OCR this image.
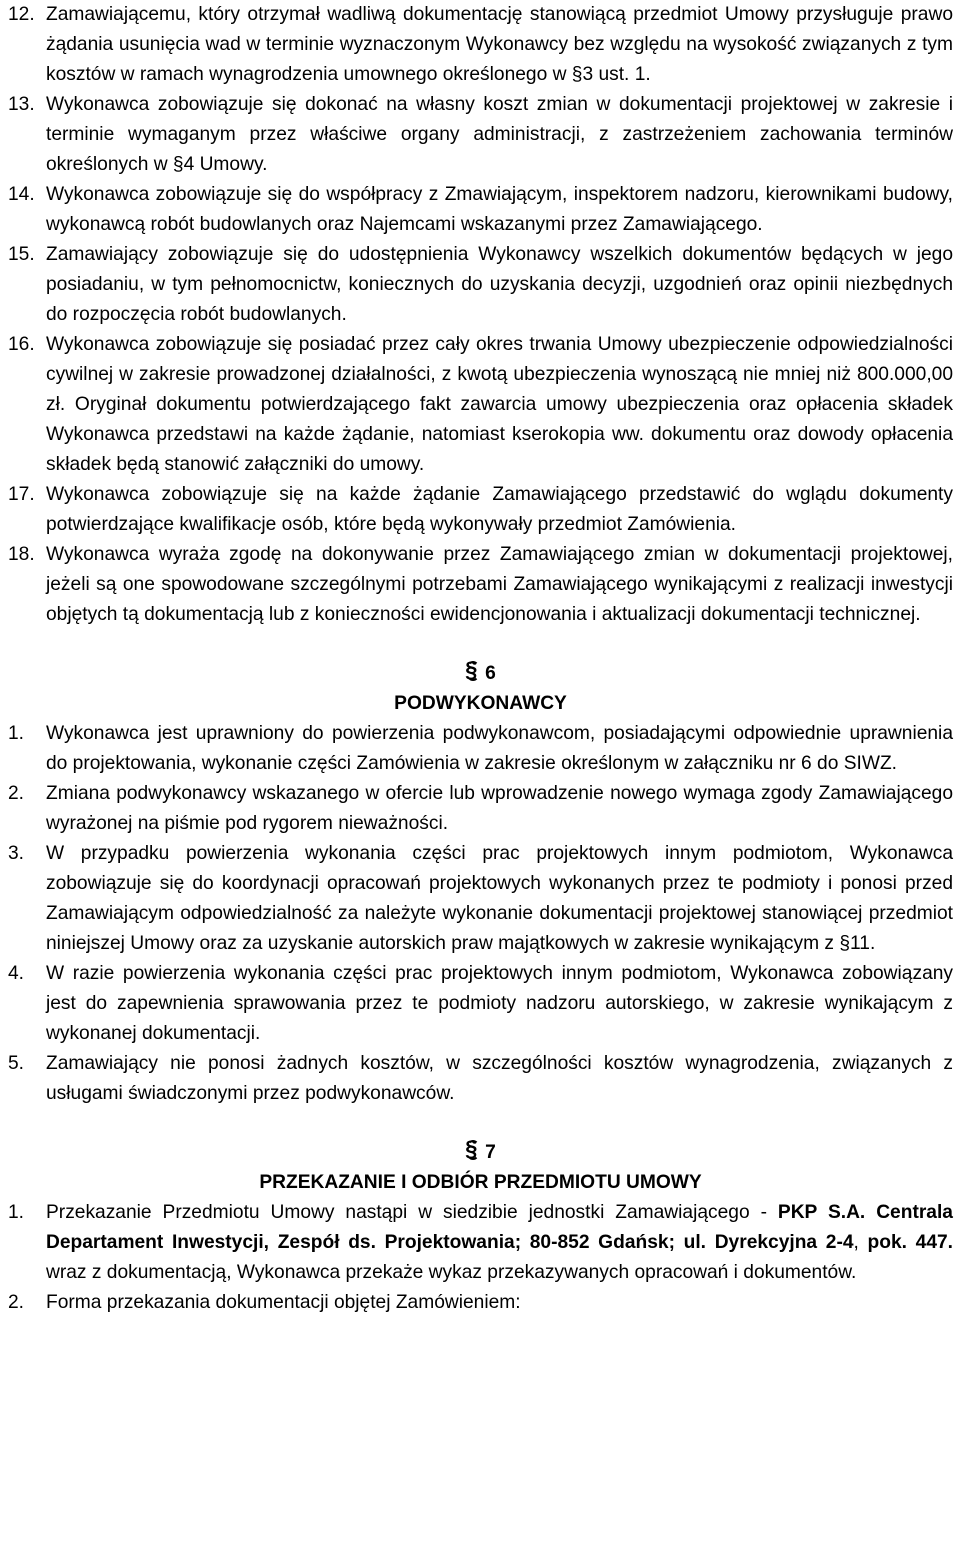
12. Zamawiającemu, który otrzymał wadliwą dokumentację stanowiącą przedmiot Umowy przysługuje prawo żądania usunięcia wad w terminie wyznaczonym Wykonawcy bez względu na wysokość związanych z tym kosztów w ramach wynagrodzenia umownego określonego w §3 ust. 1.
13. Wykonawca zobowiązuje się dokonać na własny koszt zmian w dokumentacji projektowej w zakresie i terminie wymaganym przez właściwe organy administracji, z zastrzeżeniem zachowania terminów określonych w §4 Umowy.
14. Wykonawca zobowiązuje się do współpracy z Zmawiającym, inspektorem nadzoru, kierownikami budowy, wykonawcą robót budowlanych oraz Najemcami wskazanymi przez Zamawiającego.
15. Zamawiający zobowiązuje się do udostępnienia Wykonawcy wszelkich dokumentów będących w jego posiadaniu, w tym pełnomocnictw, koniecznych do uzyskania decyzji, uzgodnień oraz opinii niezbędnych do rozpoczęcia robót budowlanych.
16. Wykonawca zobowiązuje się posiadać przez cały okres trwania Umowy ubezpieczenie odpowiedzialności cywilnej w zakresie prowadzonej działalności, z kwotą ubezpieczenia wynoszącą nie mniej niż 800.000,00 zł. Oryginał dokumentu potwierdzającego fakt zawarcia umowy ubezpieczenia oraz opłacenia składek Wykonawca przedstawi na każde żądanie, natomiast kserokopia ww. dokumentu oraz dowody opłacenia składek będą stanowić załączniki do umowy.
17. Wykonawca zobowiązuje się na każde żądanie Zamawiającego przedstawić do wglądu dokumenty potwierdzające kwalifikacje osób, które będą wykonywały przedmiot Zamówienia.
18. Wykonawca wyraża zgodę na dokonywanie przez Zamawiającego zmian w dokumentacji projektowej, jeżeli są one spowodowane szczególnymi potrzebami Zamawiającego wynikającymi z realizacji inwestycji objętych tą dokumentacją lub z konieczności ewidencjonowania i aktualizacji dokumentacji technicznej.
§6
PODWYKONAWCY
1.	Wykonawca jest uprawniony do powierzenia podwykonawcom, posiadającymi odpowiednie uprawnienia do projektowania, wykonanie części Zamówienia w zakresie określonym w załączniku nr 6 do SIWZ.
2.	Zmiana podwykonawcy wskazanego w ofercie lub wprowadzenie nowego wymaga zgody Zamawiającego wyrażonej na piśmie pod rygorem nieważności.
3.	W przypadku powierzenia wykonania części prac projektowych innym podmiotom, Wykonawca zobowiązuje się do koordynacji opracowań projektowych wykonanych przez te podmioty i ponosi przed Zamawiającym odpowiedzialność za należyte wykonanie dokumentacji projektowej stanowiącej przedmiot niniejszej Umowy oraz za uzyskanie autorskich praw majątkowych w zakresie wynikającym z §11.
4.	W razie powierzenia wykonania części prac projektowych innym podmiotom, Wykonawca zobowiązany jest do zapewnienia sprawowania przez te podmioty nadzoru autorskiego, w zakresie wynikającym z wykonanej dokumentacji.
5.	Zamawiający nie ponosi żadnych kosztów, w szczególności kosztów wynagrodzenia, związanych z usługami świadczonymi przez podwykonawców.
§7
PRZEKAZANIE I ODBIÓR PRZEDMIOTU UMOWY
1.	Przekazanie Przedmiotu Umowy nastąpi w siedzibie jednostki Zamawiającego - PKP S.A. Centrala Departament Inwestycji, Zespół ds. Projektowania; 80-852 Gdańsk; ul. Dyrekcyjna 2-4, pok. 447. wraz z dokumentacją, Wykonawca przekaże wykaz przekazywanych opracowań i dokumentów.
2.	Forma przekazania dokumentacji objętej Zamówieniem:
